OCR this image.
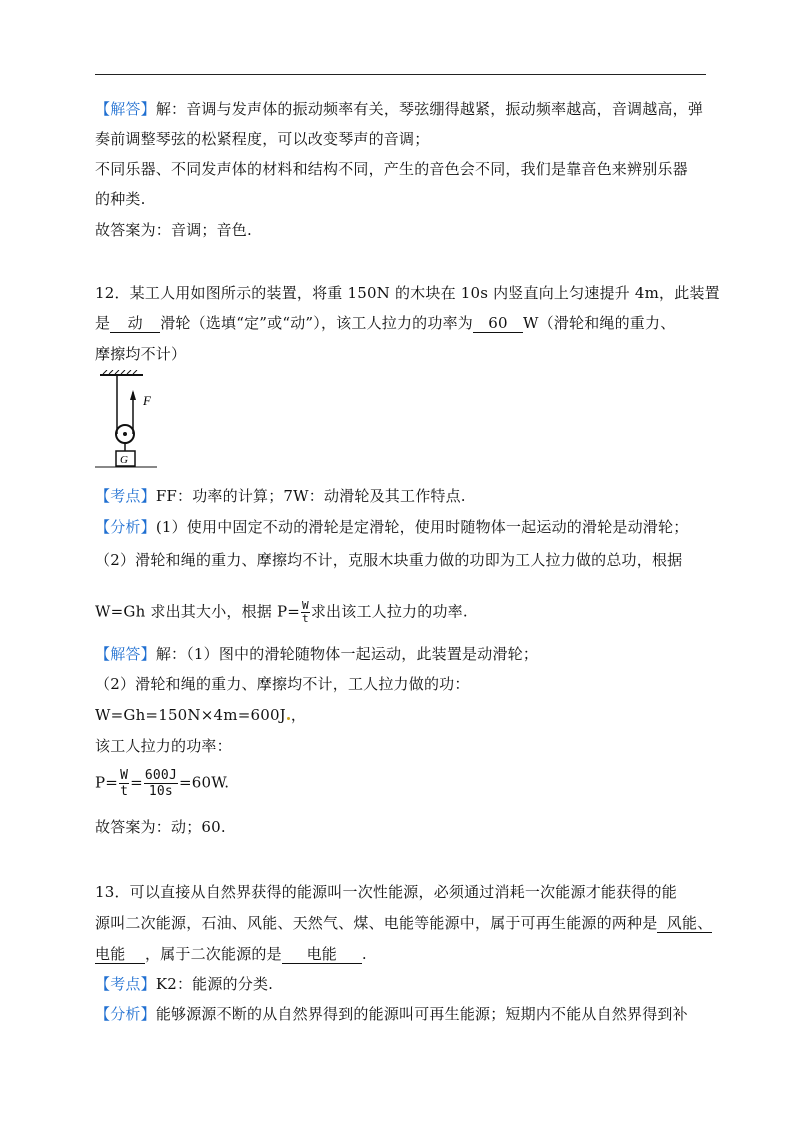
【解答】解：音调与发声体的振动频率有关，琴弦绷得越紧，振动频率越高，音调越高，弹
奏前调整琴弦的松紧程度，可以改变琴声的音调；
不同乐器、不同发声体的材料和结构不同，产生的音色会不同，我们是靠音色来辨别乐器
的种类.
故答案为：音调；音色.
12．某工人用如图所示的装置，将重 150N 的木块在 10s 内竖直向上匀速提升 4m，此装置
是 动 滑轮（选填“定”或“动”），该工人拉力的功率为 60 W（滑轮和绳的重力、
摩擦均不计）
F
G
【考点】FF：功率的计算；7W：动滑轮及其工作特点.
【分析】(1）使用中固定不动的滑轮是定滑轮，使用时随物体一起运动的滑轮是动滑轮；
（2）滑轮和绳的重力、摩擦均不计，克服木块重力做的功即为工人拉力做的总功，根据
W=Gh 求出其大小，根据 $P= \frac{W}{t}$ 求出该工人拉力的功率.
【解答】解：（1）图中的滑轮随物体一起运动，此装置是动滑轮；
（2）滑轮和绳的重力、摩擦均不计，工人拉力做的功：
W=Gh=150N×4m=600J ，
该工人拉力的功率：
$P= \frac{W}{t} = \frac{600J}{10s} =60W$.
故答案为：动；60.
13．可以直接从自然界获得的能源叫一次性能源，必须通过消耗一次能源才能获得的能
源叫二次能源，石油、风能、天然气、煤、电能等能源中，属于可再生能源的两种是 风能、
电能 ，属于二次能源的是 电能 .
【考点】K2：能源的分类.
【分析】能够源源不断的从自然界得到的能源叫可再生能源；短期内不能从自然界得到补
